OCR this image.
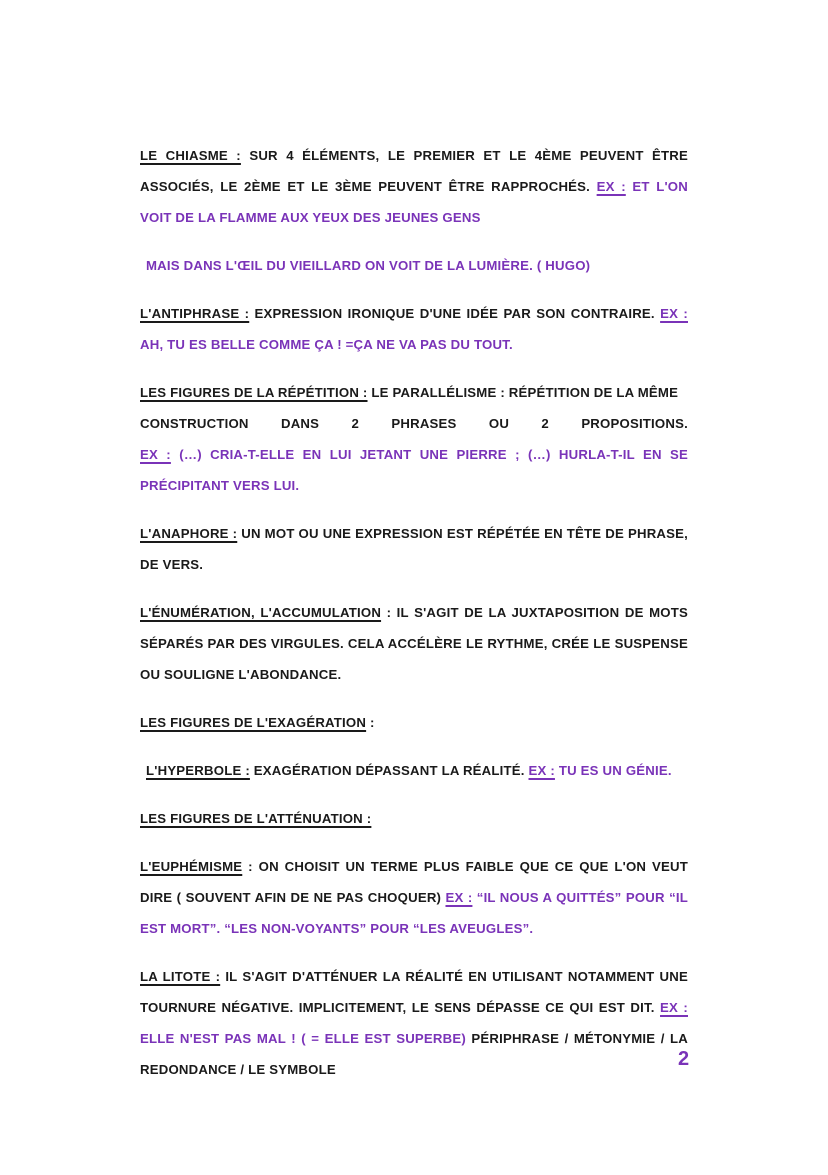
LE CHIASME : SUR 4 ÉLÉMENTS, LE PREMIER ET LE 4ÈME PEUVENT ÊTRE ASSOCIÉS, LE 2ÈME ET LE 3ÈME PEUVENT ÊTRE RAPPROCHÉS. EX : ET L'ON VOIT DE LA FLAMME AUX YEUX DES JEUNES GENS

MAIS DANS L'ŒIL DU VIEILLARD ON VOIT DE LA LUMIÈRE. ( HUGO)

L'ANTIPHRASE : EXPRESSION IRONIQUE D'UNE IDÉE PAR SON CONTRAIRE. EX : AH, TU ES BELLE COMME ÇA ! =ÇA NE VA PAS DU TOUT.

LES FIGURES DE LA RÉPÉTITION : LE PARALLÉLISME : RÉPÉTITION DE LA MÊME
CONSTRUCTION DANS 2 PHRASES OU 2 PROPOSITIONS.
EX : (…) CRIA-T-ELLE EN LUI JETANT UNE PIERRE ; (…) HURLA-T-IL EN SE PRÉCIPITANT VERS LUI.

L'ANAPHORE : UN MOT OU UNE EXPRESSION EST RÉPÉTÉE EN TÊTE DE PHRASE, DE VERS.

L'ÉNUMÉRATION, L'ACCUMULATION : IL S'AGIT DE LA JUXTAPOSITION DE MOTS SÉPARÉS PAR DES VIRGULES. CELA ACCÉLÈRE LE RYTHME, CRÉE LE SUSPENSE OU SOULIGNE L'ABONDANCE.

LES FIGURES DE L'EXAGÉRATION :

L'HYPERBOLE : EXAGÉRATION DÉPASSANT LA RÉALITÉ. EX : TU ES UN GÉNIE.

LES FIGURES DE L'ATTÉNUATION :

L'EUPHÉMISME : ON CHOISIT UN TERME PLUS FAIBLE QUE CE QUE L'ON VEUT DIRE ( SOUVENT AFIN DE NE PAS CHOQUER) EX : “IL NOUS A QUITTÉS” POUR “IL EST MORT”. “LES NON-VOYANTS” POUR “LES AVEUGLES”.

LA LITOTE : IL S'AGIT D'ATTÉNUER LA RÉALITÉ EN UTILISANT NOTAMMENT UNE TOURNURE NÉGATIVE. IMPLICITEMENT, LE SENS DÉPASSE CE QUI EST DIT. EX : ELLE N'EST PAS MAL ! ( = ELLE EST SUPERBE) PÉRIPHRASE / MÉTONYMIE / LA REDONDANCE / LE SYMBOLE	2
